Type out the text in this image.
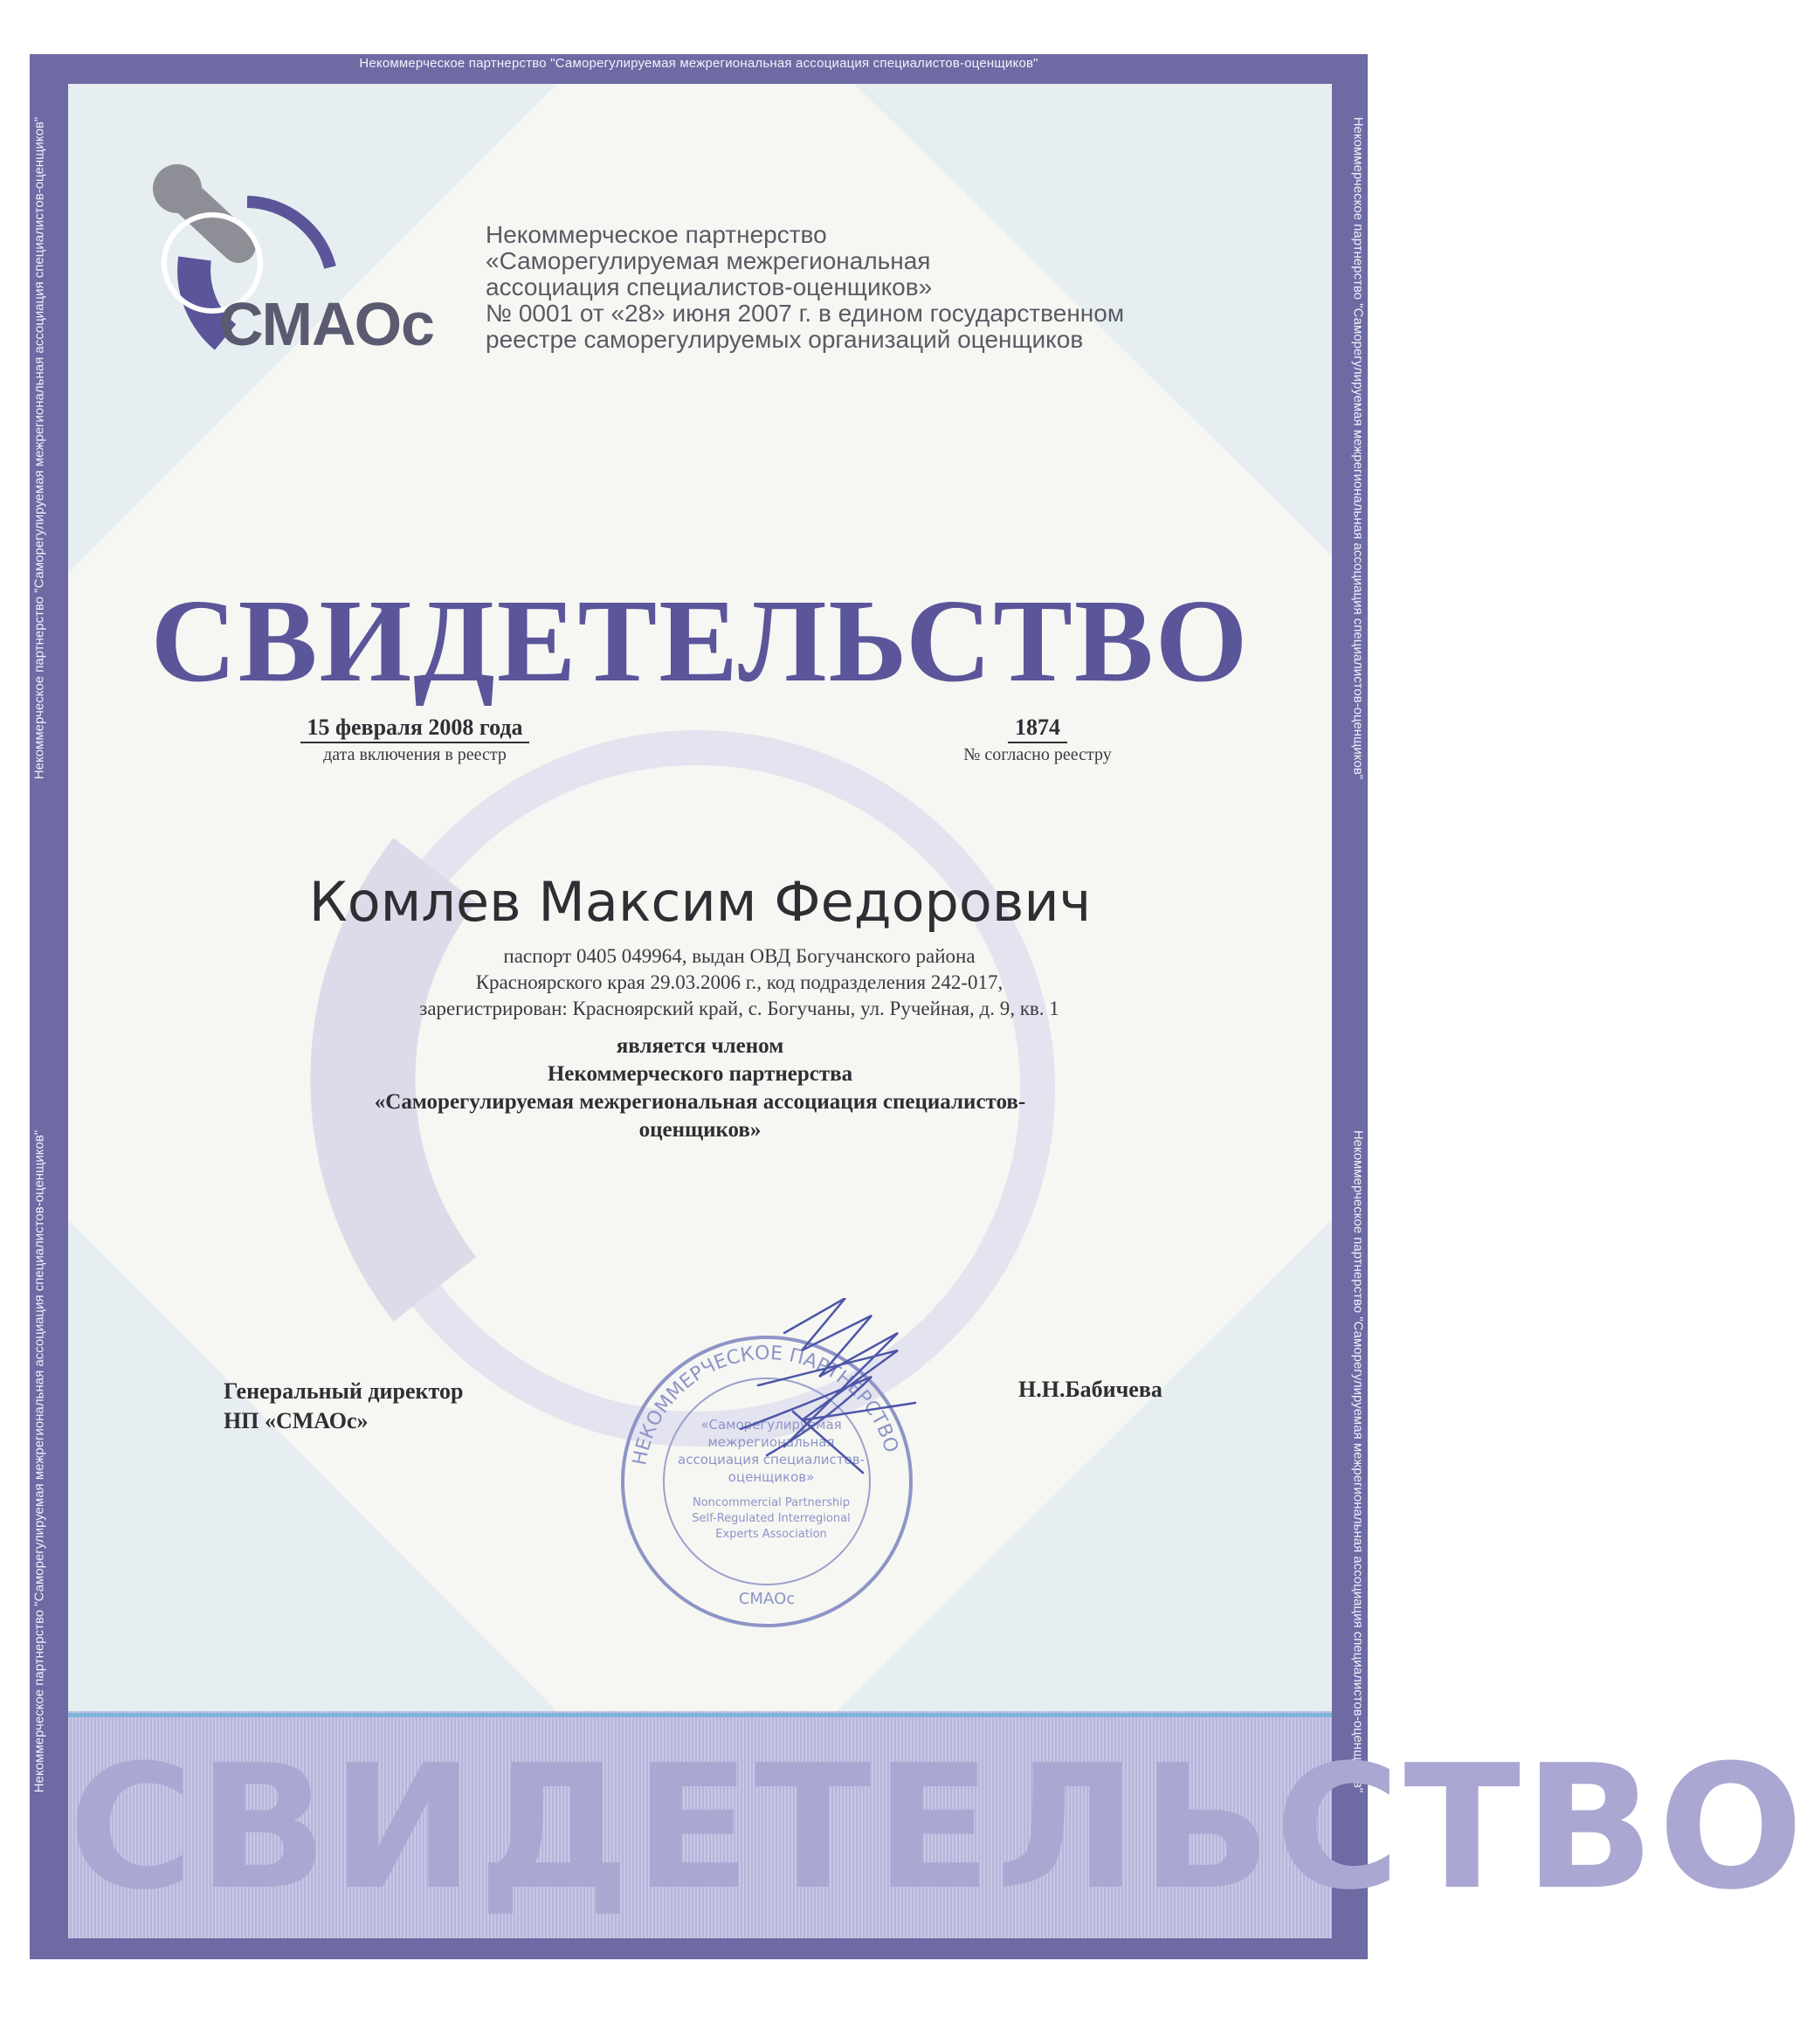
Некоммерческое партнерство "Саморегулируемая межрегиональная ассоциация специалистов-оценщиков"
Некоммерческое партнерство "Саморегулируемая межрегиональная ассоциация специалистов-оценщиков"
Некоммерческое партнерство "Саморегулируемая межрегиональная ассоциация специалистов-оценщиков"
Некоммерческое партнерство "Саморегулируемая межрегиональная ассоциация специалистов-оценщиков"
Некоммерческое партнерство "Саморегулируемая межрегиональная ассоциация специалистов-оценщиков"
СМАОс
Некоммерческое партнерство
«Саморегулируемая межрегиональная
ассоциация специалистов-оценщиков»
№ 0001 от «28» июня 2007 г. в едином государственном
реестре саморегулируемых организаций оценщиков
СВИДЕТЕЛЬСТВО
15 февраля 2008 года
дата включения в реестр
1874
№ согласно реестру
Комлев Максим Федорович
паспорт 0405 049964, выдан ОВД Богучанского района
Красноярского края 29.03.2006 г., код подразделения 242-017,
зарегистрирован: Красноярский край, с. Богучаны, ул. Ручейная, д. 9, кв. 1
является членом
Некоммерческого партнерства
«Саморегулируемая межрегиональная ассоциация специалистов-
оценщиков»
Генеральный директор
НП «СМАОс»
Н.Н.Бабичева
НЕКОММЕРЧЕСКОЕ ПАРТНЕРСТВО
«Саморегулируемая
межрегиональная
ассоциация специалистов-
оценщиков»
Noncommercial Partnership
Self-Regulated Interregional
Experts Association
СМАОс
СВИДЕТЕЛЬСТВО
